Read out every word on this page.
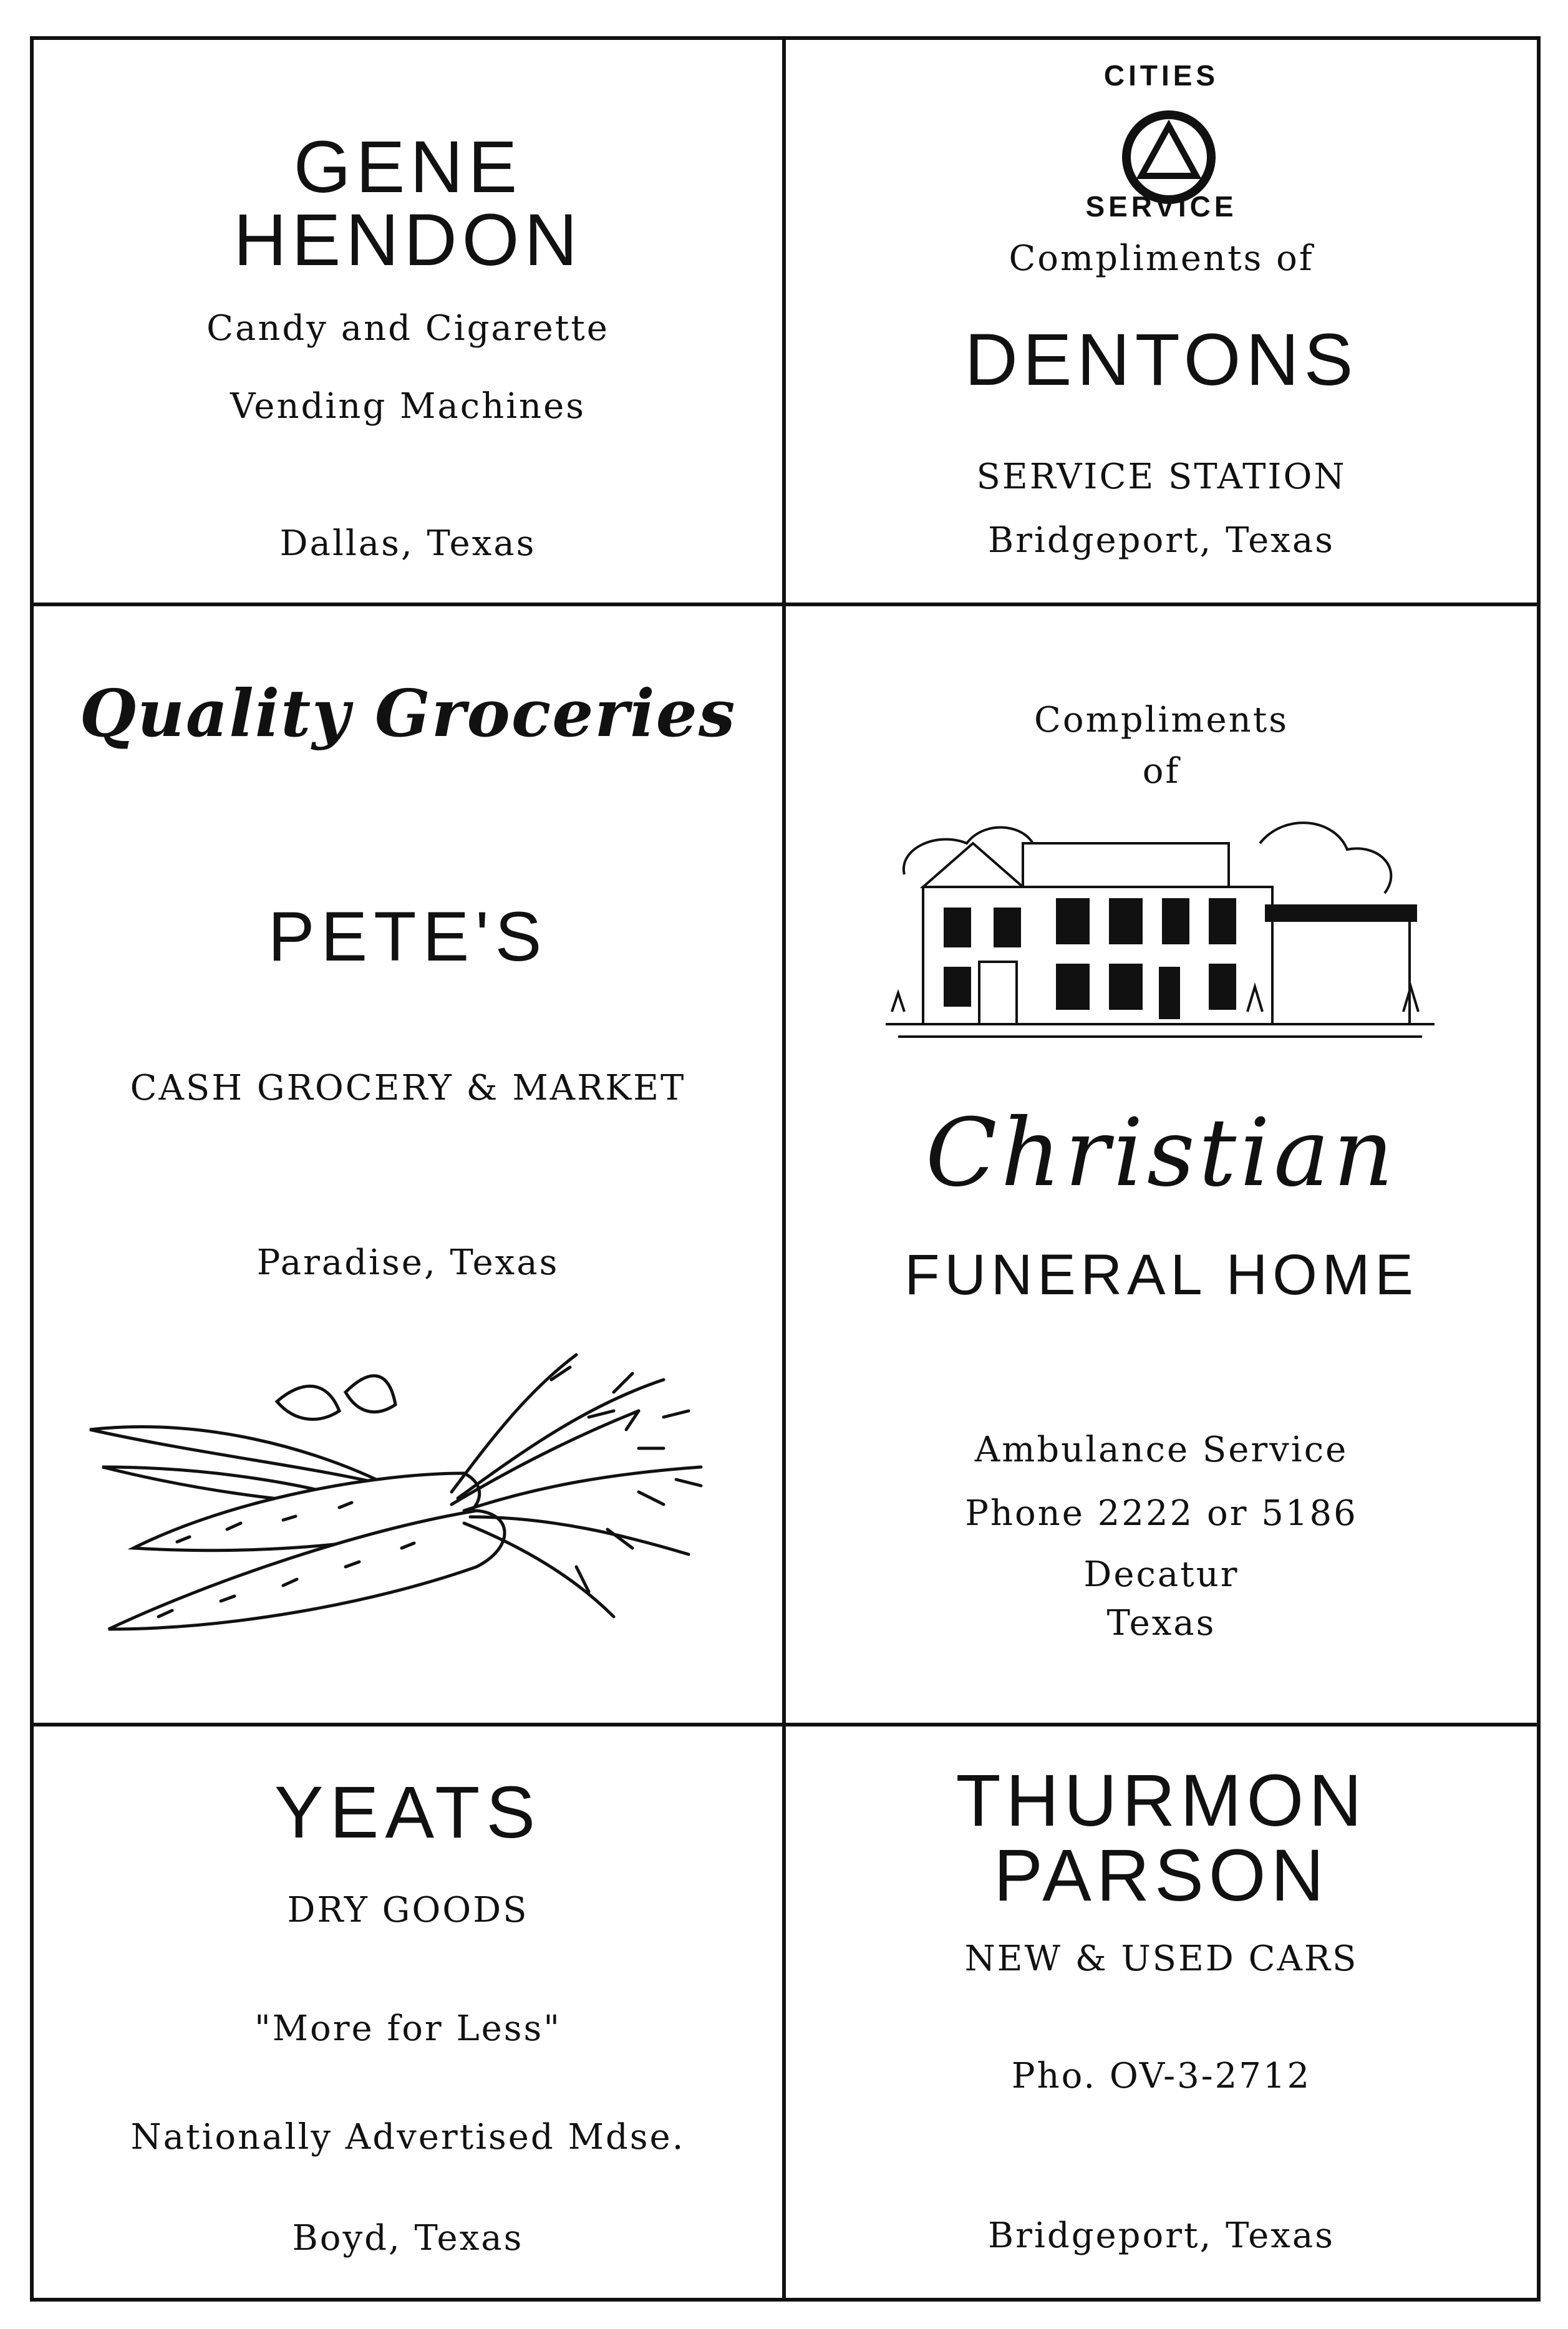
GENE
HENDON
Candy and Cigarette
Vending Machines
Dallas, Texas
CITIES
SERVICE
Compliments of
DENTONS
SERVICE STATION
Bridgeport, Texas
Quality Groceries
PETE'S
CASH GROCERY & MARKET
Paradise, Texas
Compliments
of
Christian
FUNERAL HOME
Ambulance Service
Phone 2222 or 5186
Decatur
Texas
YEATS
DRY GOODS
"More for Less"
Nationally Advertised Mdse.
Boyd, Texas
THURMON
PARSON
NEW & USED CARS
Pho. OV-3-2712
Bridgeport, Texas
